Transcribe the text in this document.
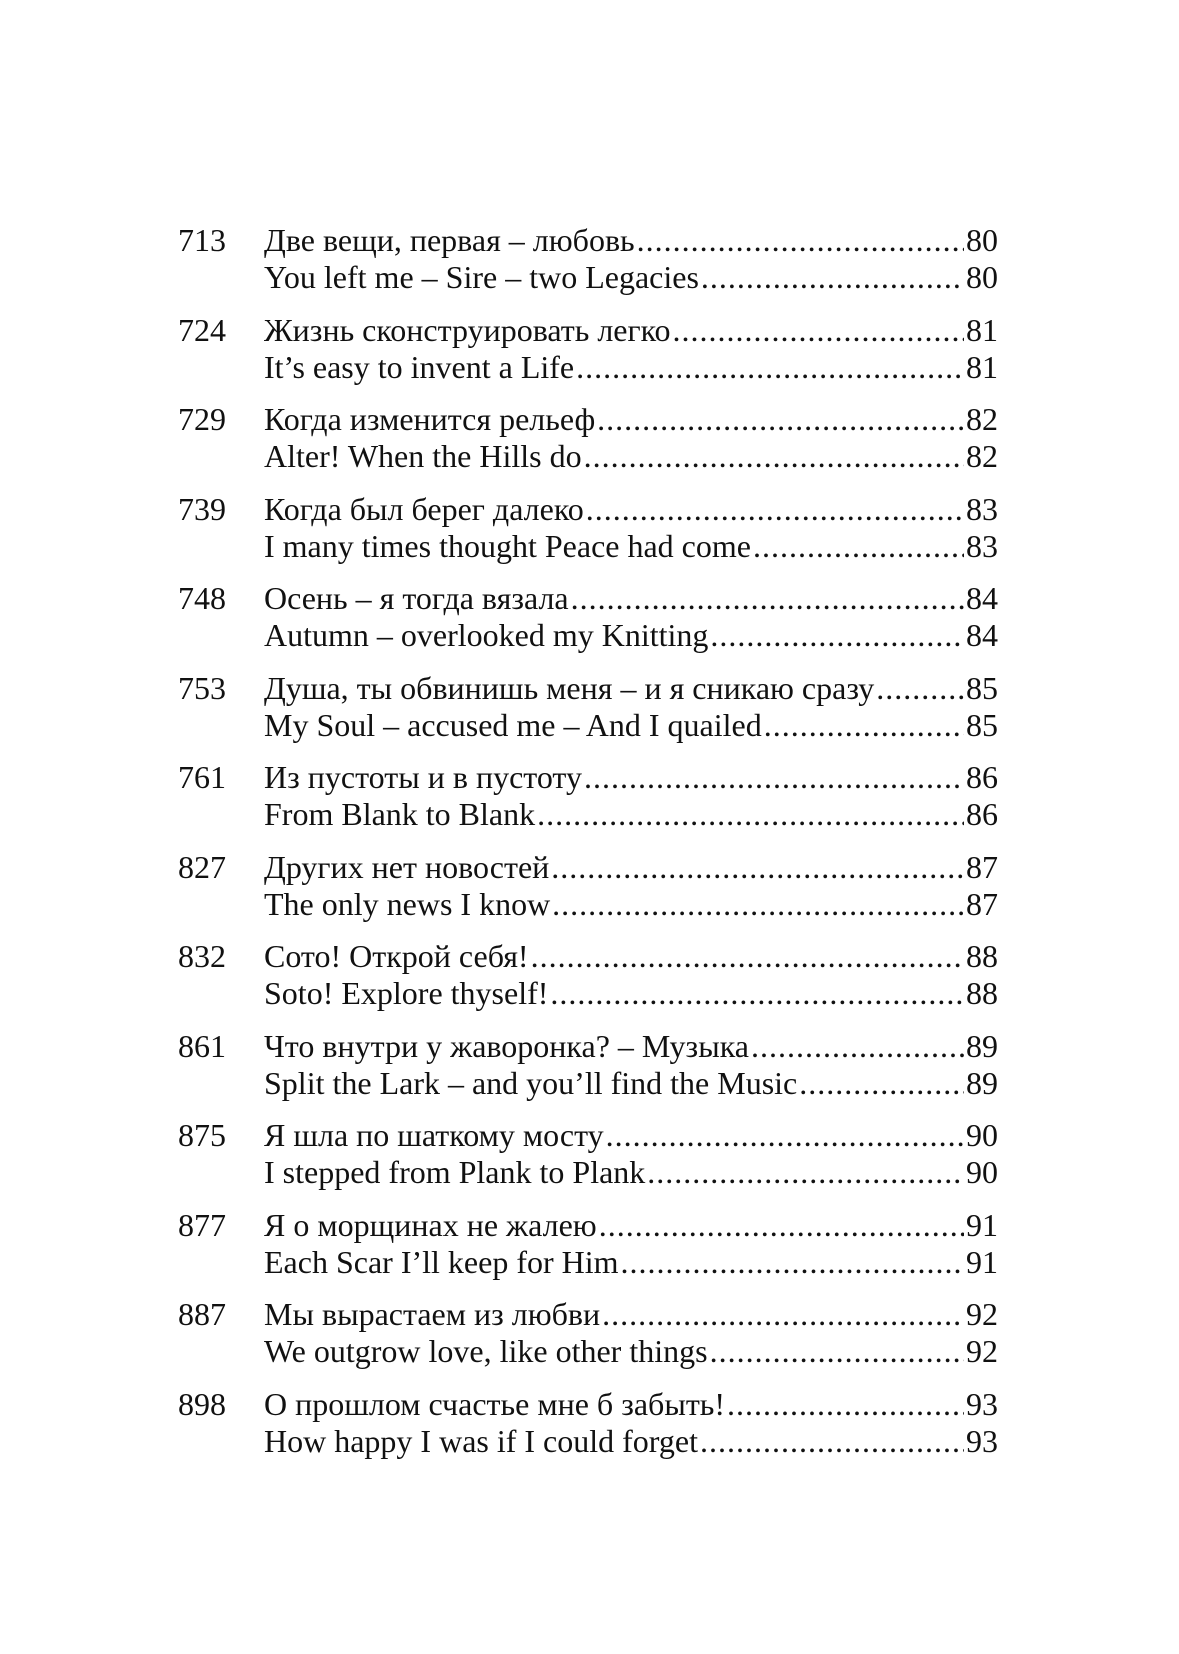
713	Две вещи, первая – любовь .....	80
You left me – Sire – two Legacies .....	80
724	Жизнь сконструировать легко .....	81
It’s easy to invent a Life .....	81
729	Когда изменится рельеф .....	82
Alter! When the Hills do .....	82
739	Когда был берег далеко .....	83
I many times thought Peace had come .....	83
748	Осень – я тогда вязала .....	84
Autumn – overlooked my Knitting .....	84
753	Душа, ты обвинишь меня – и я сникаю сразу .....	85
My Soul – accused me – And I quailed .....	85
761	Из пустоты и в пустоту .....	86
From Blank to Blank .....	86
827	Других нет новостей .....	87
The only news I know .....	87
832	Сото! Открой себя! .....	88
Soto! Explore thyself! .....	88
861	Что внутри у жаворонка? – Музыка .....	89
Split the Lark – and you’ll find the Music .....	89
875	Я шла по шаткому мосту .....	90
I stepped from Plank to Plank .....	90
877	Я о морщинах не жалею .....	91
Each Scar I’ll keep for Him .....	91
887	Мы вырастаем из любви .....	92
We outgrow love, like other things .....	92
898	О прошлом счастье мне б забыть! .....	93
How happy I was if I could forget .....	93
